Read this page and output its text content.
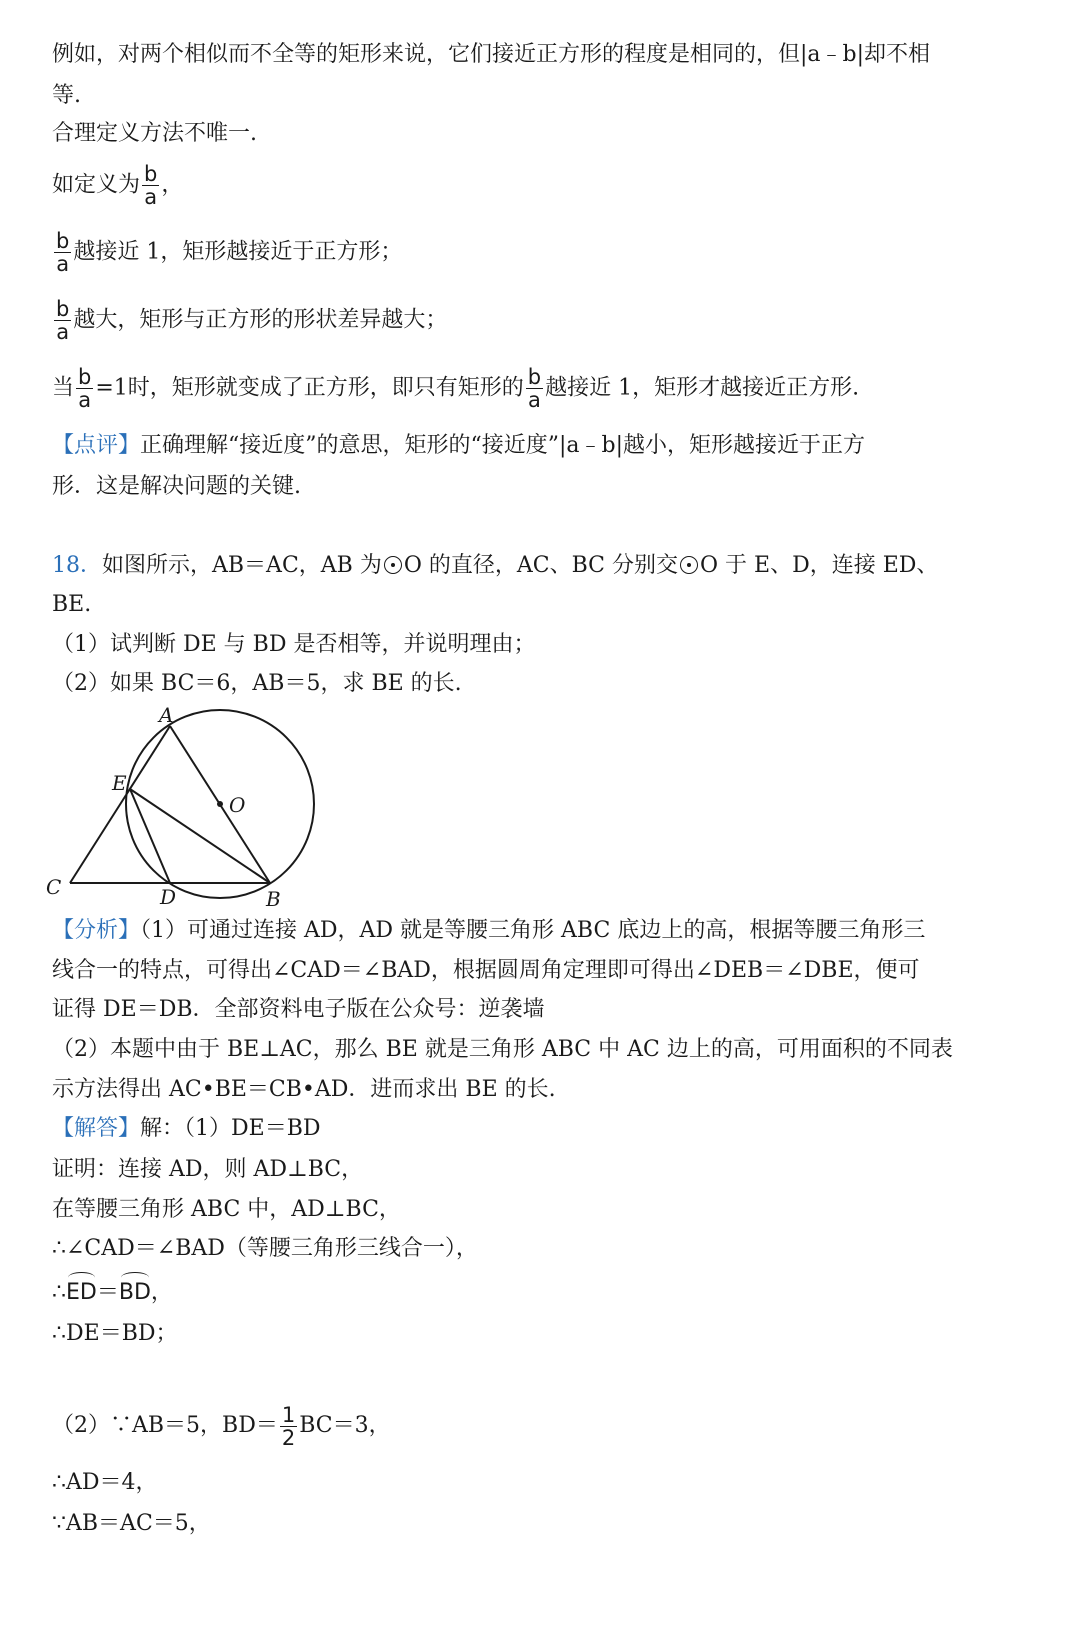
例如，对两个相似而不全等的矩形来说，它们接近正方形的程度是相同的，但|a﹣b|却不相
等.
合理定义方法不唯一.
如定义为 $\frac{b}{a}$ ，
$\frac{b}{a}$ 越接近 1，矩形越接近于正方形；
$\frac{b}{a}$ 越大，矩形与正方形的形状差异越大；
当 $\frac{b}{a} =1$时，矩形就变成了正方形，即只有矩形的 $\frac{b}{a}$ 越接近 1，矩形才越接近正方形.
【点评】正确理解“接近度”的意思，矩形的“接近度”|a﹣b|越小，矩形越接近于正方
形．这是解决问题的关键.
18．如图所示，AB＝AC，AB 为 O 的直径，AC、BC 分别交 O 于 E、D，连接 ED、
BE.
（1）试判断 DE 与 BD 是否相等，并说明理由；
（2）如果 BC＝6，AB＝5，求 BE 的长.
【分析】（1）可通过连接 AD，AD 就是等腰三角形 ABC 底边上的高，根据等腰三角形三
线合一的特点，可得出∠CAD＝∠BAD，根据圆周角定理即可得出∠DEB＝∠DBE，便可
证得 DE＝DB．全部资料电子版在公众号：逆袭墙
（2）本题中由于 BE⊥AC，那么 BE 就是三角形 ABC 中 AC 边上的高，可用面积的不同表
示方法得出 AC•BE＝CB•AD．进而求出 BE 的长.
【解答】解：（1）DE＝BD
证明：连接 AD，则 AD⊥BC，
在等腰三角形 ABC 中，AD⊥BC，
∴∠CAD＝∠BAD（等腰三角形三线合一），
∴ED＝BD，
∴DE＝BD；
（2）∵AB＝5，$BD= \frac{1}{2} BC=3$，
∴AD＝4，
∵AB＝AC＝5，
A
E
O
C	D	B
